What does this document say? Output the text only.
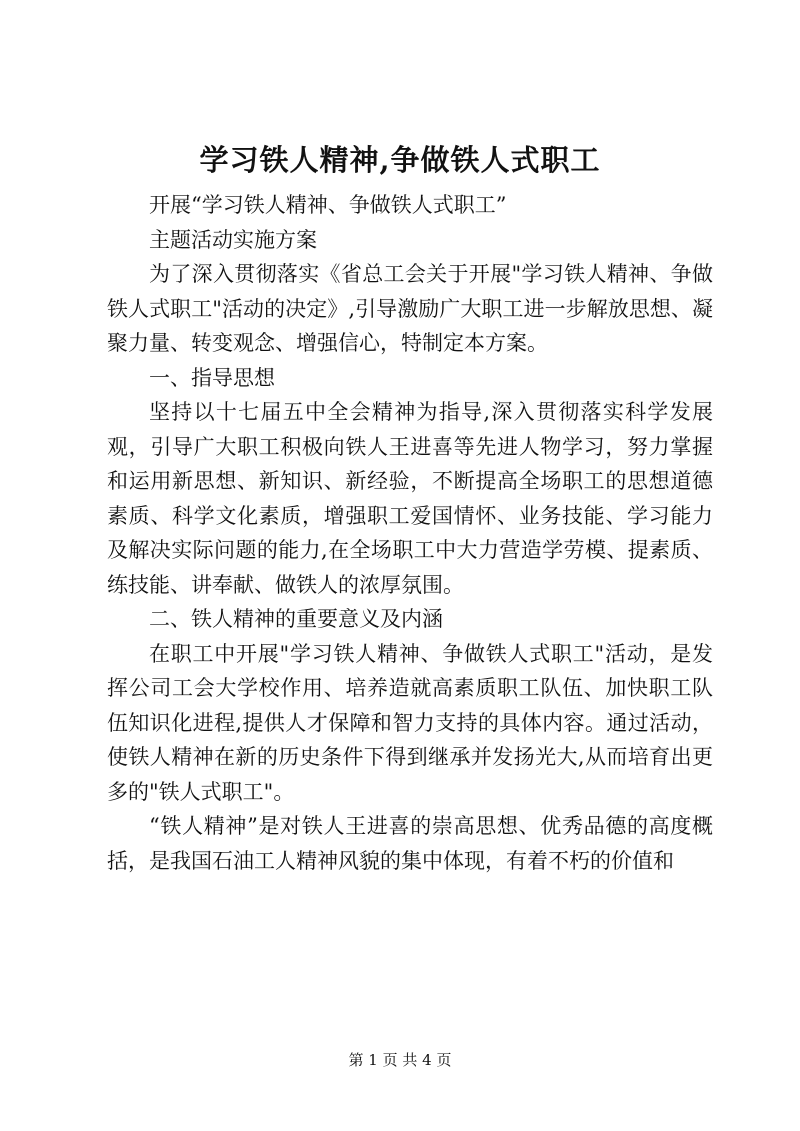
学习铁人精神,争做铁人式职工

开展“学习铁人精神、争做铁人式职工”

主题活动实施方案

为了深入贯彻落实《省总工会关于开展"学习铁人精神、争做铁人式职工"活动的决定》,引导激励广大职工进一步解放思想、凝聚力量、转变观念、增强信心，特制定本方案。

一、指导思想

坚持以十七届五中全会精神为指导,深入贯彻落实科学发展观，引导广大职工积极向铁人王进喜等先进人物学习，努力掌握和运用新思想、新知识、新经验，不断提高全场职工的思想道德素质、科学文化素质，增强职工爱国情怀、业务技能、学习能力及解决实际问题的能力,在全场职工中大力营造学劳模、提素质、练技能、讲奉献、做铁人的浓厚氛围。

二、铁人精神的重要意义及内涵

在职工中开展"学习铁人精神、争做铁人式职工"活动，是发挥公司工会大学校作用、培养造就高素质职工队伍、加快职工队伍知识化进程,提供人才保障和智力支持的具体内容。通过活动，使铁人精神在新的历史条件下得到继承并发扬光大,从而培育出更多的"铁人式职工"。

“铁人精神”是对铁人王进喜的崇高思想、优秀品德的高度概括，是我国石油工人精神风貌的集中体现，有着不朽的价值和

第 1 页 共 4 页
